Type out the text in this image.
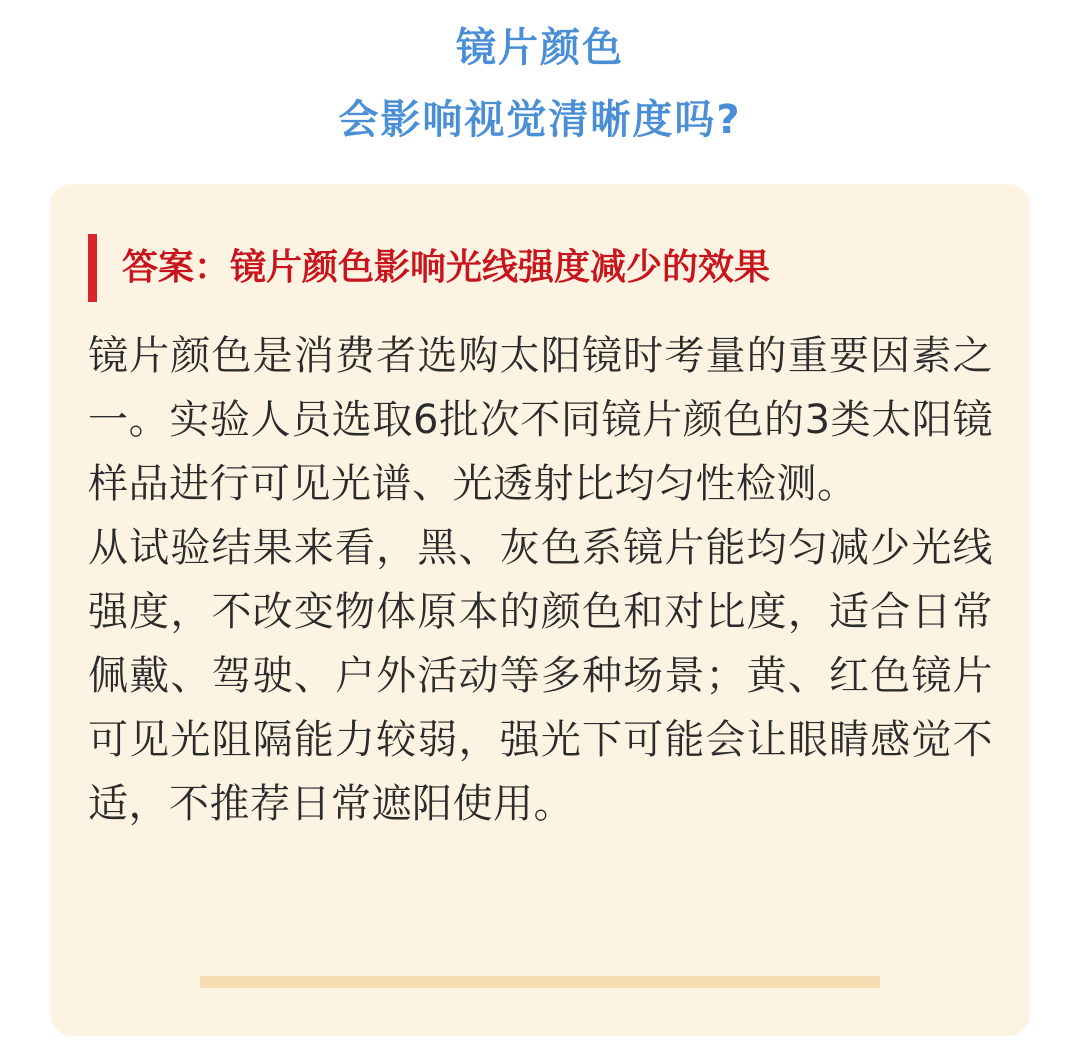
镜片颜色
会影响视觉清晰度吗?
答案：镜片颜色影响光线强度减少的效果

镜片颜色是消费者选购太阳镜时考量的重要因素之一。实验人员选取6批次不同镜片颜色的3类太阳镜样品进行可见光谱、光透射比均匀性检测。

从试验结果来看，黑、灰色系镜片能均匀减少光线强度，不改变物体原本的颜色和对比度，适合日常佩戴、驾驶、户外活动等多种场景；黄、红色镜片可见光阻隔能力较弱，强光下可能会让眼睛感觉不适，不推荐日常遮阳使用。
